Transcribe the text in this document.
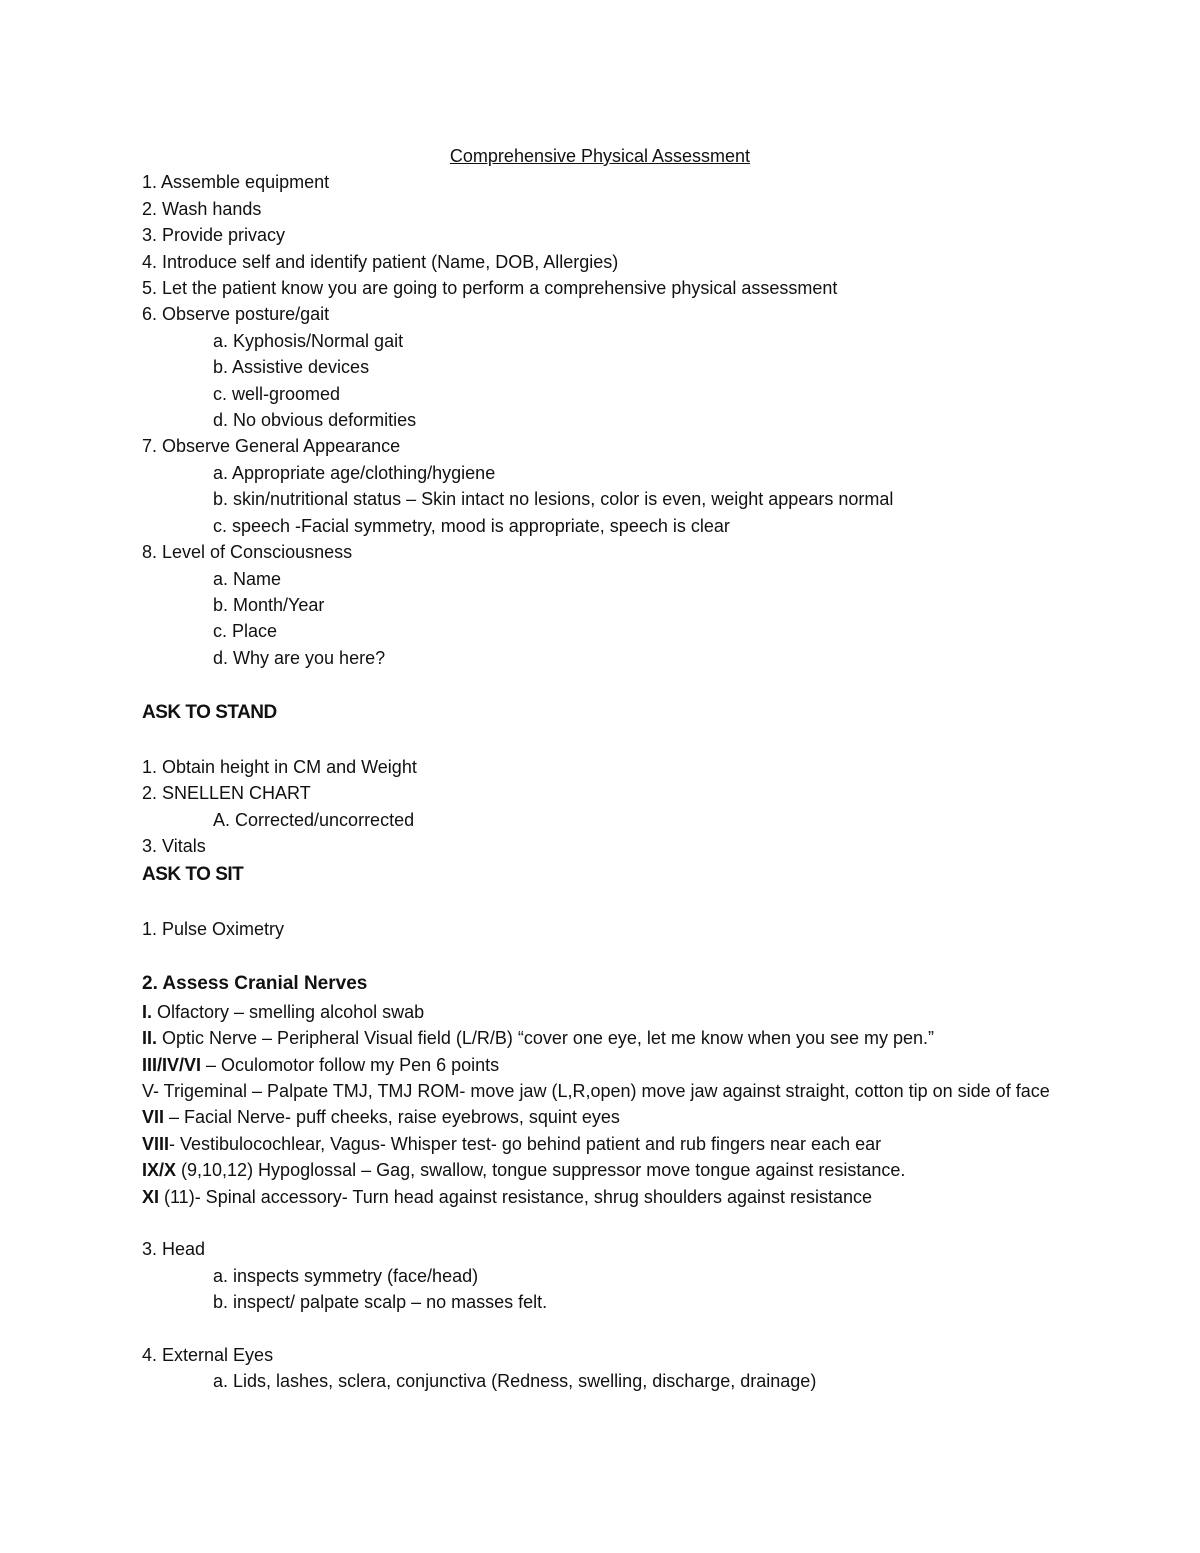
Comprehensive Physical Assessment
1. Assemble equipment
2. Wash hands
3. Provide privacy
4. Introduce self and identify patient (Name, DOB, Allergies)
5. Let the patient know you are going to perform a comprehensive physical assessment
6. Observe posture/gait
a. Kyphosis/Normal gait
b. Assistive devices
c. well-groomed
d. No obvious deformities
7. Observe General Appearance
a. Appropriate age/clothing/hygiene
b. skin/nutritional status – Skin intact no lesions, color is even, weight appears normal
c. speech -Facial symmetry, mood is appropriate, speech is clear
8. Level of Consciousness
a. Name
b. Month/Year
c. Place
d. Why are you here?
ASK TO STAND
1. Obtain height in CM and Weight
2. SNELLEN CHART
A. Corrected/uncorrected
3. Vitals
ASK TO SIT
1. Pulse Oximetry
2. Assess Cranial Nerves
I. Olfactory – smelling alcohol swab
II. Optic Nerve – Peripheral Visual field (L/R/B) “cover one eye, let me know when you see my pen.”
III/IV/VI – Oculomotor follow my Pen 6 points
V- Trigeminal – Palpate TMJ, TMJ ROM- move jaw (L,R,open) move jaw against straight, cotton tip on side of face
VII – Facial Nerve- puff cheeks, raise eyebrows, squint eyes
VIII- Vestibulocochlear, Vagus- Whisper test- go behind patient and rub fingers near each ear
IX/X (9,10,12) Hypoglossal – Gag, swallow, tongue suppressor move tongue against resistance.
XI (11)- Spinal accessory- Turn head against resistance, shrug shoulders against resistance
3. Head
a. inspects symmetry (face/head)
b. inspect/ palpate scalp – no masses felt.
4. External Eyes
a. Lids, lashes, sclera, conjunctiva (Redness, swelling, discharge, drainage)
